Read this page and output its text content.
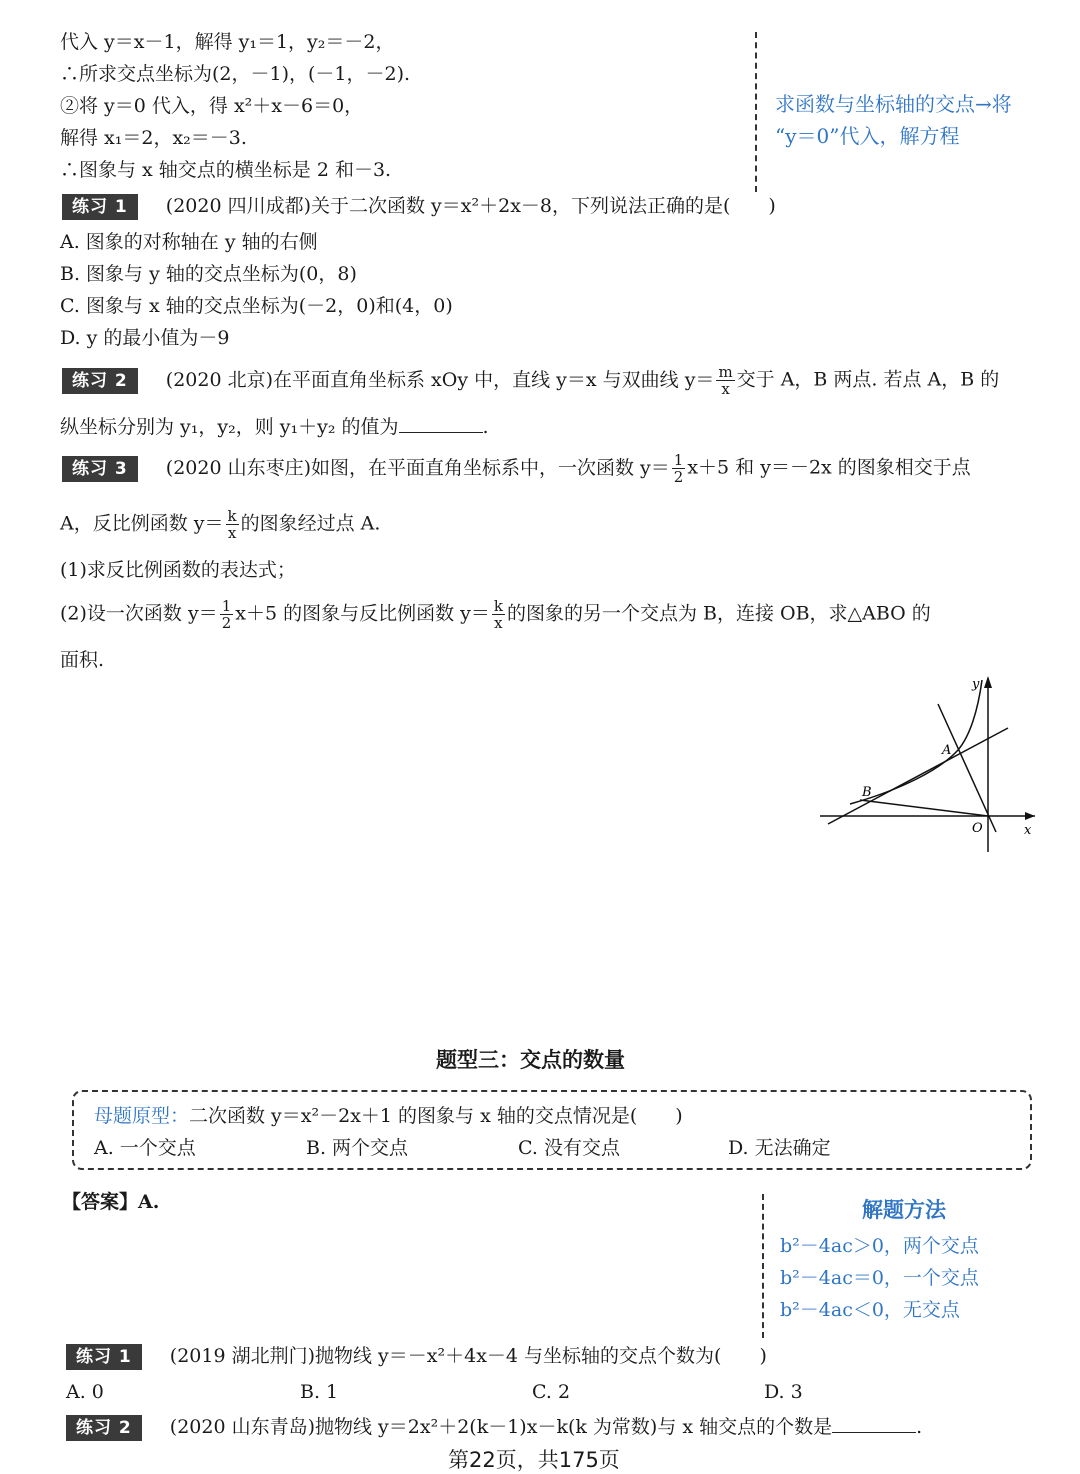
代入 y＝x－1，解得 y₁＝1，y₂＝－2，
∴所求交点坐标为(2，－1)，(－1，－2).
②将 y＝0 代入，得 x²＋x－6＝0，
解得 x₁＝2，x₂＝－3.
∴图象与 x 轴交点的横坐标是 2 和－3.
求函数与坐标轴的交点→将
“y＝0”代入，解方程
练习 1 (2020 四川成都)关于二次函数 y＝x²＋2x－8，下列说法正确的是(　　)
A. 图象的对称轴在 y 轴的右侧
B. 图象与 y 轴的交点坐标为(0，8)
C. 图象与 x 轴的交点坐标为(－2，0)和(4，0)
D. y 的最小值为－9
练习 2 (2020 北京)在平面直角坐标系 xOy 中，直线 y＝x 与双曲线 $y= \frac{m}{x}$ 交于 A，B 两点. 若点 A，B 的
纵坐标分别为 y₁，y₂，则 y₁＋y₂ 的值为	.
练习 3 (2020 山东枣庄)如图，在平面直角坐标系中，一次函数 $y= \frac{1}{2} x+5$ 和 y＝－2x 的图象相交于点
A，反比例函数 $y= \frac{k}{x}$ 的图象经过点 A.
(1)求反比例函数的表达式；
(2)设一次函数 $y= \frac{1}{2} x+5$ 的图象与反比例函数 $y= \frac{k}{x}$ 的图象的另一个交点为 B，连接 OB，求△ABO 的
面积.
y
x
O
A
B
题型三：交点的数量
母题原型：二次函数 y＝x²－2x＋1 的图象与 x 轴的交点情况是(　　)
A. 一个交点	B. 两个交点	C. 没有交点	D. 无法确定
【答案】A.	解题方法
b²－4ac＞0，两个交点
b²－4ac＝0，一个交点
b²－4ac＜0，无交点
练习 1 (2019 湖北荆门)抛物线 y＝－x²＋4x－4 与坐标轴的交点个数为(　　)
A. 0	B. 1	C. 2	D. 3
练习 2 (2020 山东青岛)抛物线 y＝2x²＋2(k－1)x－k(k 为常数)与 x 轴交点的个数是	.
第22页，共175页
